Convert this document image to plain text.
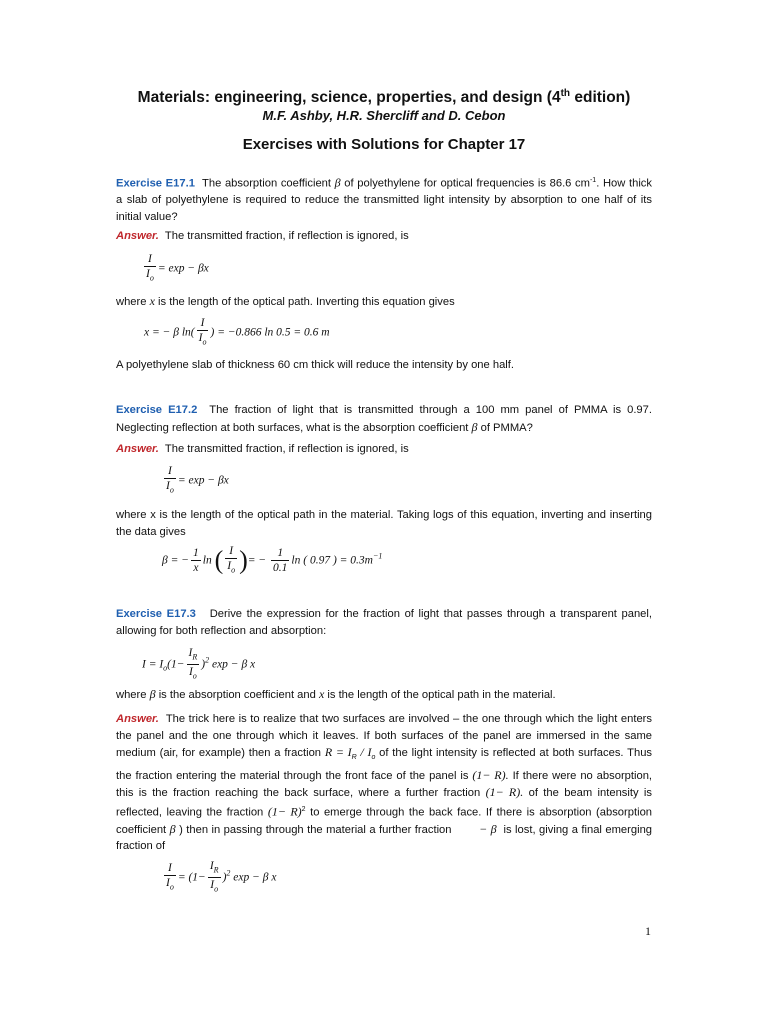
Materials: engineering, science, properties, and design (4th edition)
M.F. Ashby, H.R. Shercliff and D. Cebon
Exercises with Solutions for Chapter 17
Exercise E17.1 The absorption coefficient β of polyethylene for optical frequencies is 86.6 $cm^{-1}$. How thick a slab of polyethylene is required to reduce the transmitted light intensity by absorption to one half of its initial value?
Answer. The transmitted fraction, if reflection is ignored, is
$\frac{I}{I_o} = \exp - \beta x$
where x is the length of the optical path. Inverting this equation gives
x = − β $\ln( \frac{I}{I_o}$ ) = −0.866 ln 0.5 = 0.6 m
A polyethylene slab of thickness 60 cm thick will reduce the intensity by one half.
Exercise E17.2 The fraction of light that is transmitted through a 100 mm panel of PMMA is 0.97. Neglecting reflection at both surfaces, what is the absorption coefficient β of PMMA?
Answer. The transmitted fraction, if reflection is ignored, is
$\frac{I}{I_o} = \exp - \beta x$
where x is the length of the optical path in the material. Taking logs of this equation, inverting and inserting the data gives
β = − $\frac{1}{x}$ ln ( $\frac{I}{I_o}$ )= − $\frac{1}{0.1}$ ln ( 0.97 ) = $0.3m^{-1}$
Exercise E17.3 Derive the expression for the fraction of light that passes through a transparent panel, allowing for both reflection and absorption:
$I = I_o(1- \frac{I_R}{I_o} )^2$ exp − β x
where β is the absorption coefficient and x is the length of the optical path in the material.
Answer. The trick here is to realize that two surfaces are involved – the one through which the light enters the panel and the one through which it leaves. If both surfaces of the panel are immersed in the same medium (air, for example) then a fraction $R = I_R / I_o$ of the light intensity is reflected at both surfaces. Thus the fraction entering the material through the front face of the panel is (1− R). If there were no absorption, this is the fraction reaching the back surface, where a further fraction (1− R). of the beam intensity is reflected, leaving the fraction $(1- R)^2$ to emerge through the back face. If there is absorption (absorption coefficient β ) then in passing through the material a further fraction − β is lost, giving a final emerging fraction of
$\frac{I}{I_o} = (1- \frac{I_R}{I_o} )^2$ exp − β x
1
